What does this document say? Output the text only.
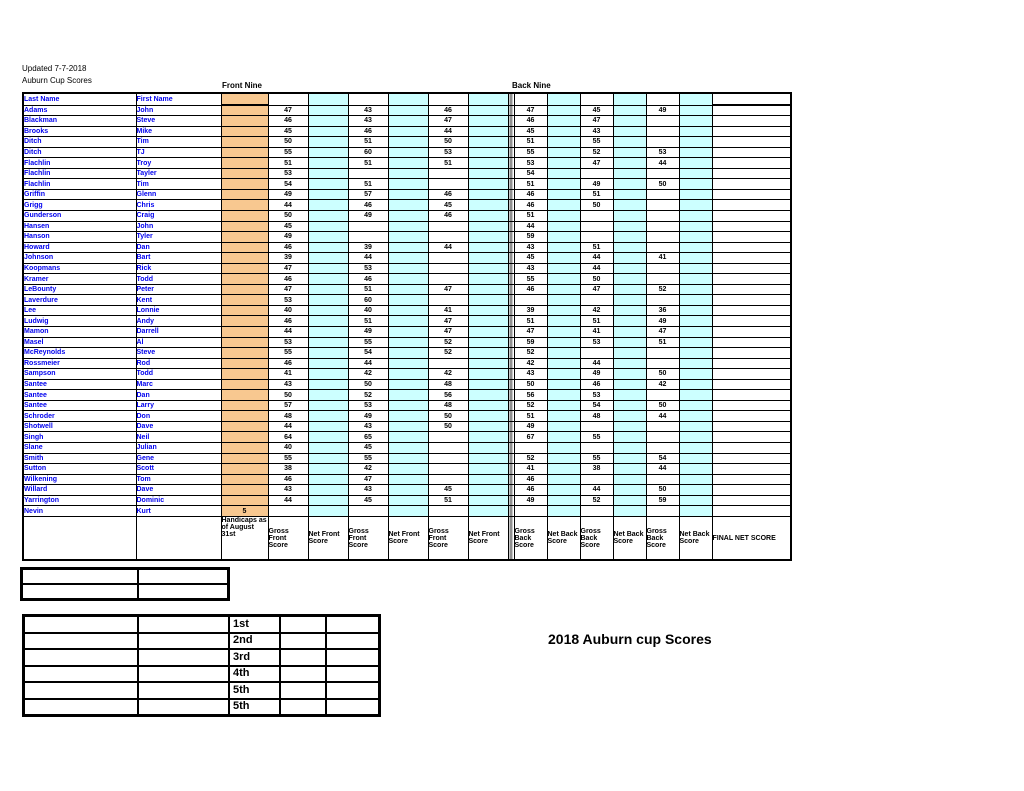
Updated 7-7-2018
Auburn Cup Scores
Front Nine	Back Nine
Last Name	First Name															
Adams	John		47		43		46			47		45		49		
Blackman	Steve		46		43		47			46		47				
Brooks	Mike		45		46		44			45		43				
Ditch	Tim		50		51		50			51		55				
Ditch	TJ		55		60		53			55		52		53		
Flachlin	Troy		51		51		51			53		47		44		
Flachlin	Tayler		53							54						
Flachlin	Tim		54		51					51		49		50		
Griffin	Glenn		49		57		46			46		51				
Grigg	Chris		44		46		45			46		50				
Gunderson	Craig		50		49		46			51						
Hansen	John		45							44						
Hanson	Tyler		49							59						
Howard	Dan		46		39		44			43		51				
Johnson	Bart		39		44					45		44		41		
Koopmans	Rick		47		53					43		44				
Kramer	Todd		46		46					55		50				
LeBounty	Peter		47		51		47			46		47		52		
Laverdure	Kent		53		60											
Lee	Lonnie		40		40		41			39		42		36		
Ludwig	Andy		46		51		47			51		51		49		
Mamon	Darrell		44		49		47			47		41		47		
Masel	Al		53		55		52			59		53		51		
McReynolds	Steve		55		54		52			52						
Rossmeier	Rod		46		44					42		44				
Sampson	Todd		41		42		42			43		49		50		
Santee	Marc		43		50		48			50		46		42		
Santee	Dan		50		52		56			56		53				
Santee	Larry		57		53		48			52		54		50		
Schroder	Don		48		49		50			51		48		44		
Shotwell	Dave		44		43		50			49						
Singh	Neil		64		65					67		55				
Slane	Julian		40		45											
Smith	Gene		55		55					52		55		54		
Sutton	Scott		38		42					41		38		44		
Wilkening	Tom		46		47					46						
Willard	Dave		43		43		45			46		44		50		
Yarrington	Dominic		44		45		51			49		52		59		
Nevin	Kurt	5														
		Handicaps as of August 31st	Gross Front Score	Net Front Score	Gross Front Score	Net Front Score	Gross Front Score	Net Front Score		Gross Back Score	Net Back Score	Gross Back Score	Net Back Score	Gross Back Score	Net Back Score	FINAL NET SCORE

		1st		
		2nd		
		3rd		
		4th		
		5th		
		5th		
2018 Auburn cup Scores
